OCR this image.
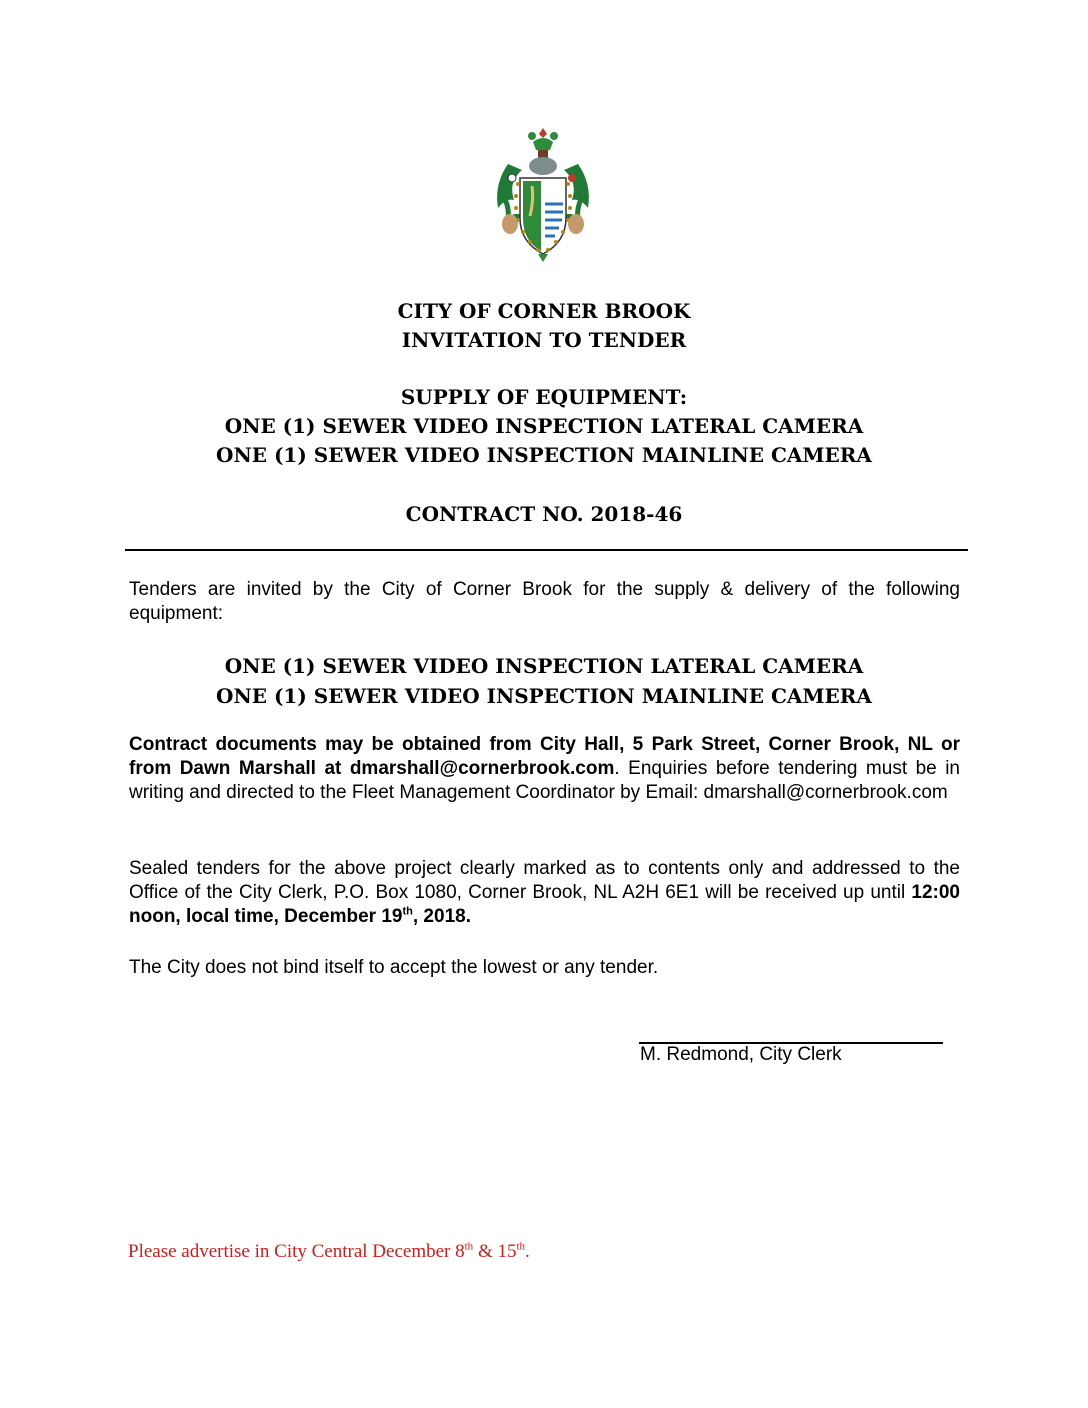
CITY OF CORNER BROOK
INVITATION TO TENDER
SUPPLY OF EQUIPMENT:
ONE (1) SEWER VIDEO INSPECTION LATERAL CAMERA
ONE (1) SEWER VIDEO INSPECTION MAINLINE CAMERA
CONTRACT NO. 2018-46
Tenders are invited by the City of Corner Brook for the supply & delivery of the following equipment:
ONE (1) SEWER VIDEO INSPECTION LATERAL CAMERA
ONE (1) SEWER VIDEO INSPECTION MAINLINE CAMERA
Contract documents may be obtained from City Hall, 5 Park Street, Corner Brook, NL or from Dawn Marshall at dmarshall@cornerbrook.com. Enquiries before tendering must be in writing and directed to the Fleet Management Coordinator by Email: dmarshall@cornerbrook.com
Sealed tenders for the above project clearly marked as to contents only and addressed to the Office of the City Clerk, P.O. Box 1080, Corner Brook, NL A2H 6E1 will be received up until 12:00 noon, local time, December 19th, 2018.
The City does not bind itself to accept the lowest or any tender.
M. Redmond, City Clerk
Please advertise in City Central December 8th & 15th.
